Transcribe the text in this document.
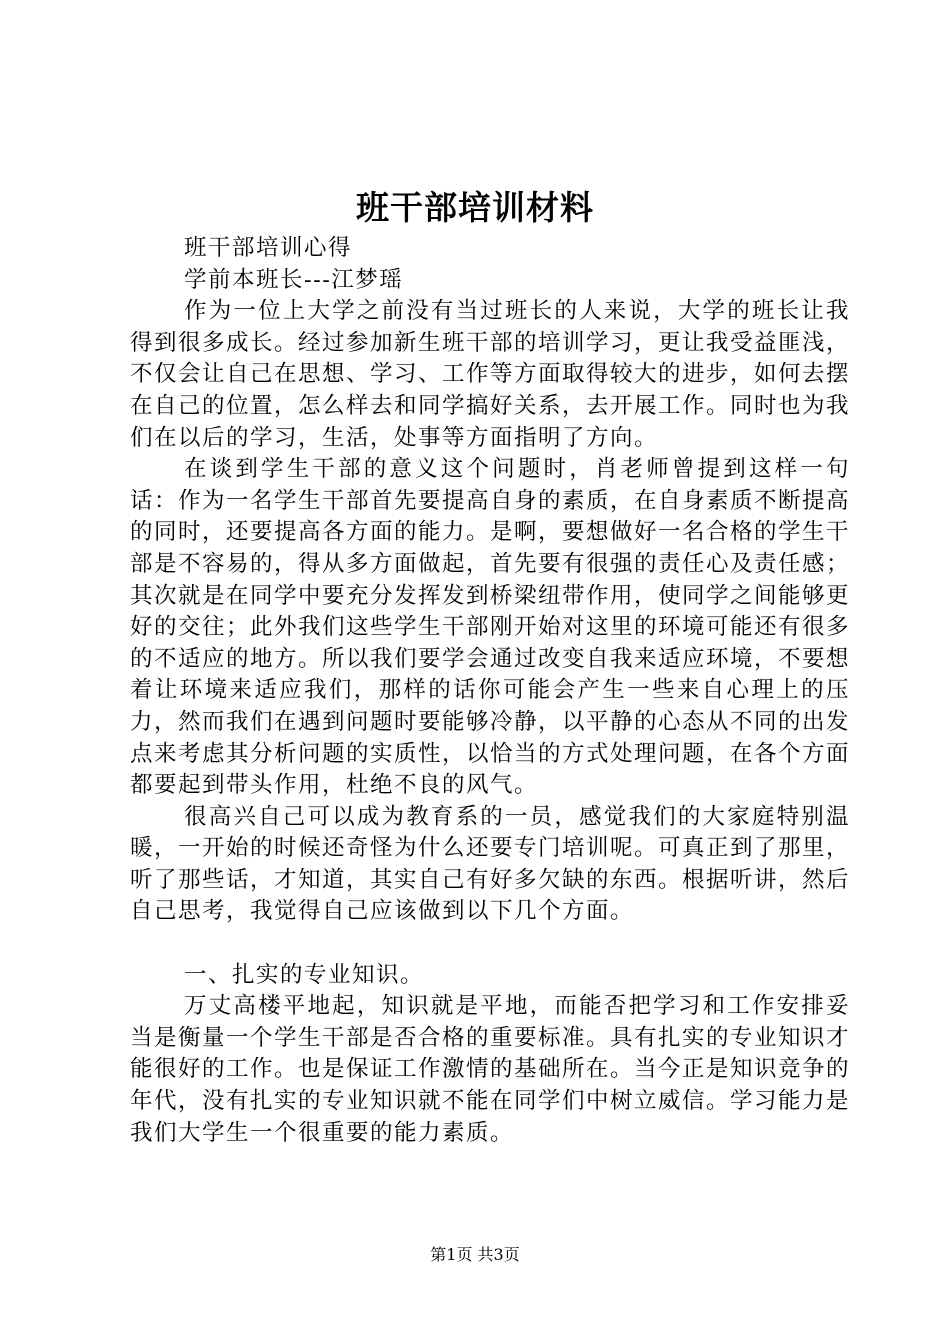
班干部培训材料

班干部培训心得

学前本班长---江梦瑶

作为一位上大学之前没有当过班长的人来说，大学的班长让我得到很多成长。经过参加新生班干部的培训学习，更让我受益匪浅，不仅会让自己在思想、学习、工作等方面取得较大的进步，如何去摆在自己的位置，怎么样去和同学搞好关系，去开展工作。同时也为我们在以后的学习，生活，处事等方面指明了方向。

在谈到学生干部的意义这个问题时，肖老师曾提到这样一句话：作为一名学生干部首先要提高自身的素质，在自身素质不断提高的同时，还要提高各方面的能力。是啊，要想做好一名合格的学生干部是不容易的，得从多方面做起，首先要有很强的责任心及责任感；其次就是在同学中要充分发挥发到桥梁纽带作用，使同学之间能够更好的交往；此外我们这些学生干部刚开始对这里的环境可能还有很多的不适应的地方。所以我们要学会通过改变自我来适应环境，不要想着让环境来适应我们，那样的话你可能会产生一些来自心理上的压力，然而我们在遇到问题时要能够冷静，以平静的心态从不同的出发点来考虑其分析问题的实质性，以恰当的方式处理问题，在各个方面都要起到带头作用，杜绝不良的风气。

很高兴自己可以成为教育系的一员，感觉我们的大家庭特别温暖，一开始的时候还奇怪为什么还要专门培训呢。可真正到了那里，听了那些话，才知道，其实自己有好多欠缺的东西。根据听讲，然后自己思考，我觉得自己应该做到以下几个方面。

一、扎实的专业知识。

万丈高楼平地起，知识就是平地，而能否把学习和工作安排妥当是衡量一个学生干部是否合格的重要标准。具有扎实的专业知识才能很好的工作。也是保证工作激情的基础所在。当今正是知识竞争的年代，没有扎实的专业知识就不能在同学们中树立威信。学习能力是我们大学生一个很重要的能力素质。

第1页 共3页
